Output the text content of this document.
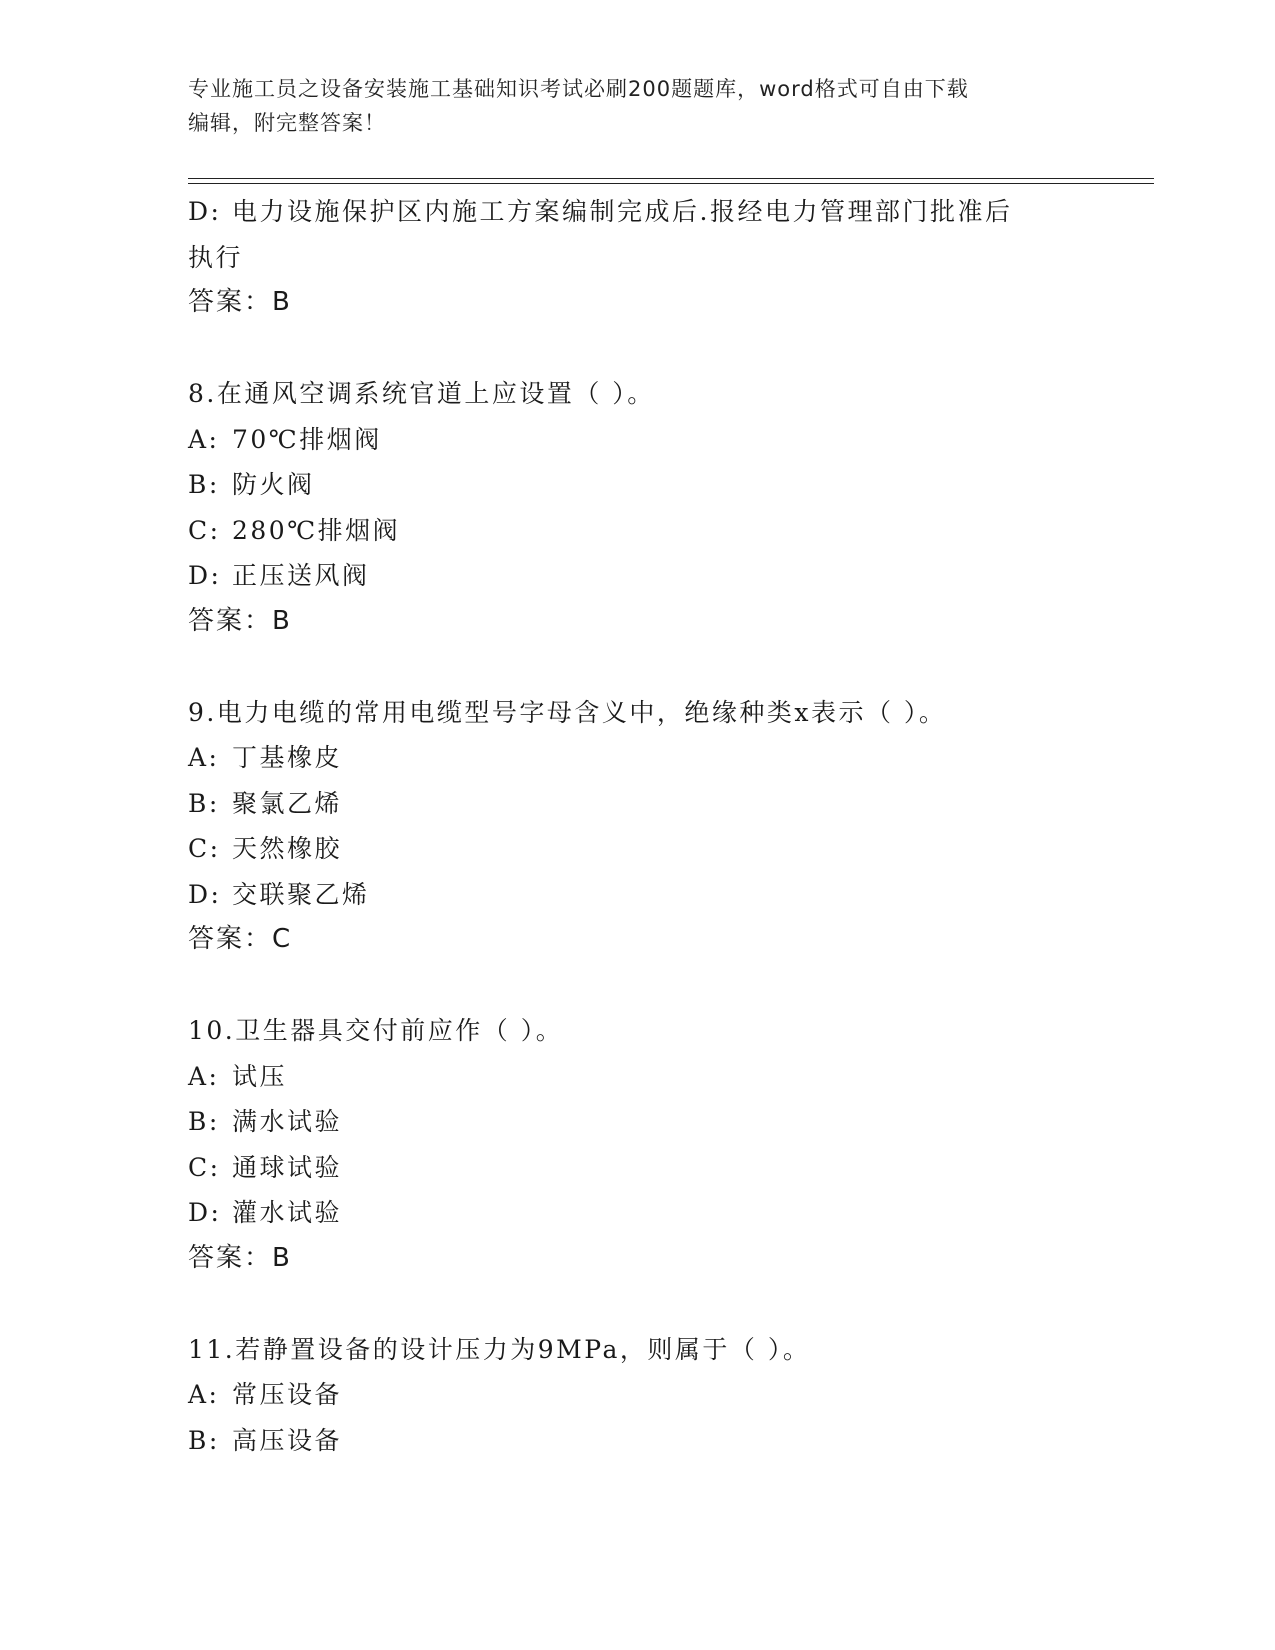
专业施工员之设备安装施工基础知识考试必刷200题题库，word格式可自由下载
编辑，附完整答案！
D: 电力设施保护区内施工方案编制完成后.报经电力管理部门批准后
执行
答案：B
8.在通风空调系统官道上应设置（ ）。
A: 70℃排烟阀
B: 防火阀
C: 280℃排烟阀
D: 正压送风阀
答案：B
9.电力电缆的常用电缆型号字母含义中，绝缘种类x表示（ ）。
A: 丁基橡皮
B: 聚氯乙烯
C: 天然橡胶
D: 交联聚乙烯
答案：C
10.卫生器具交付前应作（ ）。
A: 试压
B: 满水试验
C: 通球试验
D: 灌水试验
答案：B
11.若静置设备的设计压力为9MPa，则属于（ ）。
A: 常压设备
B: 高压设备
